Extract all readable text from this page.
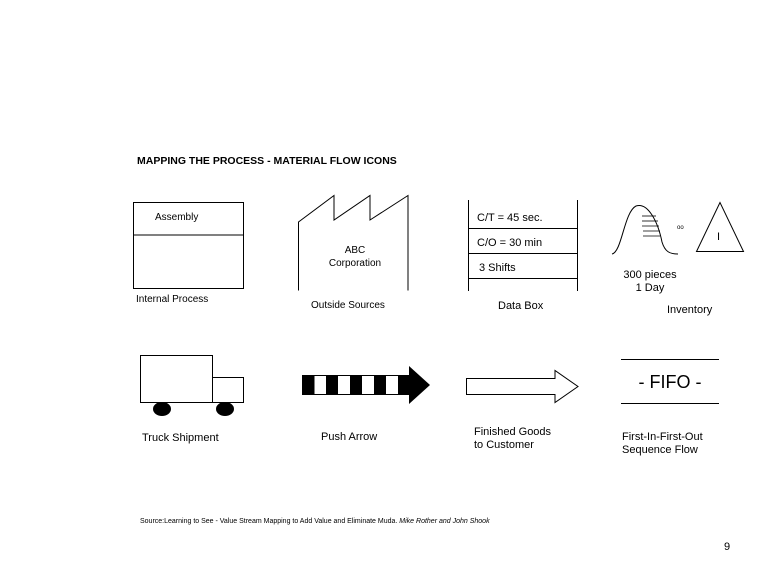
MAPPING THE PROCESS - MATERIAL FLOW ICONS
Assembly
Internal Process
ABC
Corporation
Outside Sources
C/T = 45 sec.
C/O = 30 min
3 Shifts
Data Box
oo
I
300 pieces
1 Day
Inventory
Truck Shipment	Push Arrow	Finished Goods
to Customer
- FIFO -
First-In-First-Out
Sequence Flow
Source:Learning to See - Value Stream Mapping to Add Value and Eliminate Muda. Mike Rother and John Shook
9
